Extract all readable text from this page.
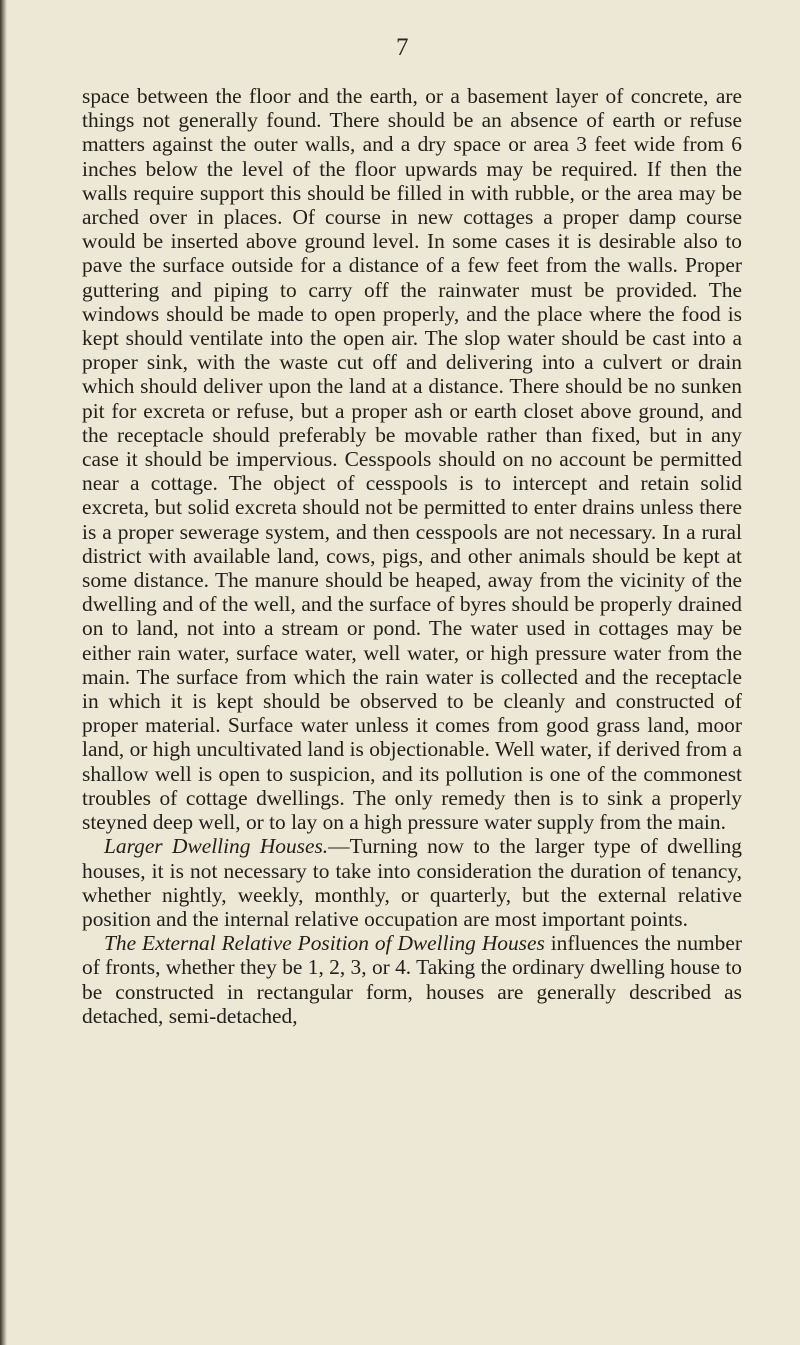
7

space between the floor and the earth, or a basement layer of concrete, are things not generally found. There should be an absence of earth or refuse matters against the outer walls, and a dry space or area 3 feet wide from 6 inches below the level of the floor upwards may be required. If then the walls require support this should be filled in with rubble, or the area may be arched over in places. Of course in new cottages a proper damp course would be inserted above ground level. In some cases it is desirable also to pave the surface outside for a distance of a few feet from the walls. Proper guttering and piping to carry off the rainwater must be provided. The windows should be made to open properly, and the place where the food is kept should ventilate into the open air. The slop water should be cast into a proper sink, with the waste cut off and delivering into a culvert or drain which should deliver upon the land at a distance. There should be no sunken pit for excreta or refuse, but a proper ash or earth closet above ground, and the receptacle should preferably be movable rather than fixed, but in any case it should be impervious. Cesspools should on no account be permitted near a cottage. The object of cesspools is to intercept and retain solid excreta, but solid excreta should not be permitted to enter drains unless there is a proper sewerage system, and then cesspools are not necessary. In a rural district with available land, cows, pigs, and other animals should be kept at some distance. The manure should be heaped, away from the vicinity of the dwelling and of the well, and the surface of byres should be properly drained on to land, not into a stream or pond. The water used in cottages may be either rain water, surface water, well water, or high pressure water from the main. The surface from which the rain water is collected and the receptacle in which it is kept should be observed to be cleanly and constructed of proper material. Surface water unless it comes from good grass land, moor land, or high uncultivated land is objectionable. Well water, if derived from a shallow well is open to suspicion, and its pollution is one of the commonest troubles of cottage dwellings. The only remedy then is to sink a properly steyned deep well, or to lay on a high pressure water supply from the main.

Larger Dwelling Houses.—Turning now to the larger type of dwelling houses, it is not necessary to take into consideration the duration of tenancy, whether nightly, weekly, monthly, or quarterly, but the external relative position and the internal relative occupation are most important points.

The External Relative Position of Dwelling Houses influences the number of fronts, whether they be 1, 2, 3, or 4. Taking the ordinary dwelling house to be constructed in rectangular form, houses are generally described as detached, semi-detached,
